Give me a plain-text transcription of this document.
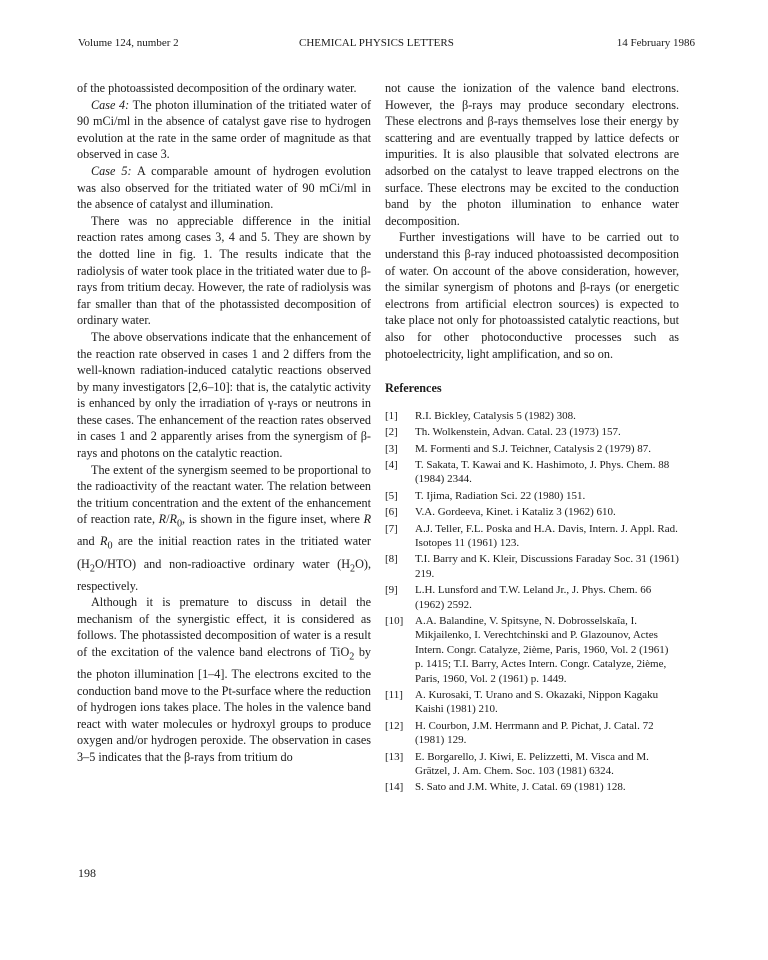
Volume 124, number 2	CHEMICAL PHYSICS LETTERS	14 February 1986

of the photoassisted decomposition of the ordinary water.

Case 4: The photon illumination of the tritiated water of 90 mCi/ml in the absence of catalyst gave rise to hydrogen evolution at the rate in the same order of magnitude as that observed in case 3.

Case 5: A comparable amount of hydrogen evolution was also observed for the tritiated water of 90 mCi/ml in the absence of catalyst and illumination.

There was no appreciable difference in the initial reaction rates among cases 3, 4 and 5. They are shown by the dotted line in fig. 1. The results indicate that the radiolysis of water took place in the tritiated water due to β-rays from tritium decay. However, the rate of radiolysis was far smaller than that of the photassisted decomposition of ordinary water.

The above observations indicate that the enhancement of the reaction rate observed in cases 1 and 2 differs from the well-known radiation-induced catalytic reactions observed by many investigators [2,6–10]: that is, the catalytic activity is enhanced by only the irradiation of γ-rays or neutrons in these cases. The enhancement of the reaction rates observed in cases 1 and 2 apparently arises from the synergism of β-rays and photons on the catalytic reaction.

The extent of the synergism seemed to be proportional to the radioactivity of the reactant water. The relation between the tritium concentration and the extent of the enhancement of reaction rate, $R/R_0$, is shown in the figure inset, where R and $R_0$ are the initial reaction rates in the tritiated water $(H_2O/HTO)$ and non-radioactive ordinary water $(H_2O)$, respectively.

Although it is premature to discuss in detail the mechanism of the synergistic effect, it is considered as follows. The photassisted decomposition of water is a result of the excitation of the valence band electrons of TiO$_2$ by the photon illumination [1–4]. The electrons excited to the conduction band move to the Pt-surface where the reduction of hydrogen ions takes place. The holes in the valence band react with water molecules or hydroxyl groups to produce oxygen and/or hydrogen peroxide. The observation in cases 3–5 indicates that the β-rays from tritium do

not cause the ionization of the valence band electrons. However, the β-rays may produce secondary electrons. These electrons and β-rays themselves lose their energy by scattering and are eventually trapped by lattice defects or impurities. It is also plausible that solvated electrons are adsorbed on the catalyst to leave trapped electrons on the surface. These electrons may be excited to the conduction band by the photon illumination to enhance water decomposition.

Further investigations will have to be carried out to understand this β-ray induced photoassisted decomposition of water. On account of the above consideration, however, the similar synergism of photons and β-rays (or energetic electrons from artificial electron sources) is expected to take place not only for photoassisted catalytic reactions, but also for other photoconductive processes such as photoelectricity, light amplification, and so on.

References
[1]	R.I. Bickley, Catalysis 5 (1982) 308.
[2]	Th. Wolkenstein, Advan. Catal. 23 (1973) 157.
[3]	M. Formenti and S.J. Teichner, Catalysis 2 (1979) 87.
[4]	T. Sakata, T. Kawai and K. Hashimoto, J. Phys. Chem. 88 (1984) 2344.
[5]	T. Ijima, Radiation Sci. 22 (1980) 151.
[6]	V.A. Gordeeva, Kinet. i Kataliz 3 (1962) 610.
[7]	A.J. Teller, F.L. Poska and H.A. Davis, Intern. J. Appl. Rad. Isotopes 11 (1961) 123.
[8]	T.I. Barry and K. Kleir, Discussions Faraday Soc. 31 (1961) 219.
[9]	L.H. Lunsford and T.W. Leland Jr., J. Phys. Chem. 66 (1962) 2592.
[10]	A.A. Balandine, V. Spitsyne, N. Dobrosselskaîa, I. Mikjailenko, I. Verechtchinski and P. Glazounov, Actes Intern. Congr. Catalyze, 2ième, Paris, 1960, Vol. 2 (1961) p. 1415; T.I. Barry, Actes Intern. Congr. Catalyze, 2ième, Paris, 1960, Vol. 2 (1961) p. 1449.
[11]	A. Kurosaki, T. Urano and S. Okazaki, Nippon Kagaku Kaishi (1981) 210.
[12]	H. Courbon, J.M. Herrmann and P. Pichat, J. Catal. 72 (1981) 129.
[13]	E. Borgarello, J. Kiwi, E. Pelizzetti, M. Visca and M. Grätzel, J. Am. Chem. Soc. 103 (1981) 6324.
[14]	S. Sato and J.M. White, J. Catal. 69 (1981) 128.
198
